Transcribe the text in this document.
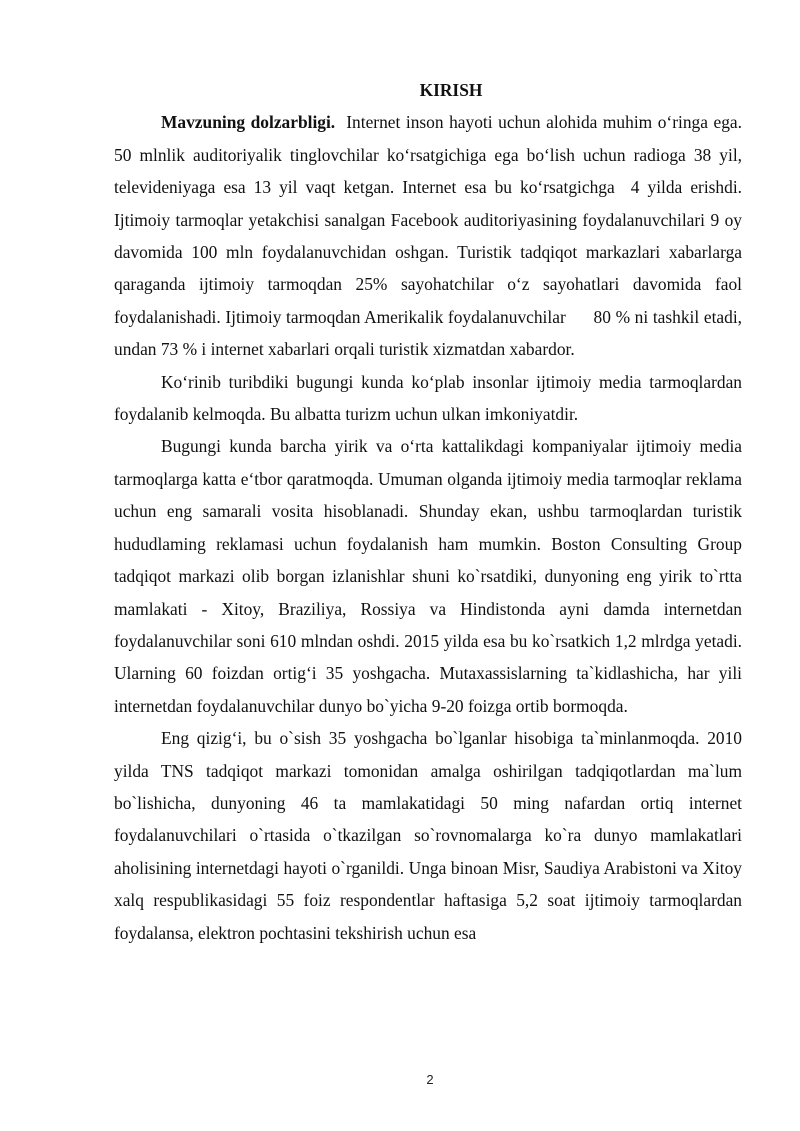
KIRISH

Mavzuning dolzarbligi.  Internet inson hayoti uchun alohida muhim o‘ringa ega. 50 mlnlik auditoriyalik tinglovchilar ko‘rsatgichiga ega bo‘lish uchun radioga 38 yil, televideniyaga esa 13 yil vaqt ketgan. Internet esa bu ko‘rsatgichga  4 yilda erishdi. Ijtimoiy tarmoqlar yetakchisi sanalgan Facebook auditoriyasining foydalanuvchilari 9 oy davomida 100 mln foydalanuvchidan oshgan. Turistik tadqiqot markazlari xabarlarga qaraganda ijtimoiy tarmoqdan 25% sayohatchilar o‘z sayohatlari davomida faol foydalanishadi. Ijtimoiy tarmoqdan Amerikalik foydalanuvchilar      80 % ni tashkil etadi, undan 73 % i internet xabarlari orqali turistik xizmatdan xabardor.

Ko‘rinib turibdiki bugungi kunda ko‘plab insonlar ijtimoiy media tarmoqlardan foydalanib kelmoqda. Bu albatta turizm uchun ulkan imkoniyatdir.

Bugungi kunda barcha yirik va o‘rta kattalikdagi kompaniyalar ijtimoiy media tarmoqlarga katta e‘tbor qaratmoqda. Umuman olganda ijtimoiy media tarmoqlar reklama uchun eng samarali vosita hisoblanadi. Shunday ekan, ushbu tarmoqlardan turistik hududlaming reklamasi uchun foydalanish ham mumkin. Boston Consulting Group tadqiqot markazi olib borgan izlanishlar shuni ko`rsatdiki, dunyoning eng yirik to`rtta mamlakati - Xitoy, Braziliya, Rossiya va Hindistonda ayni damda internetdan foydalanuvchilar soni 610 mlndan oshdi. 2015 yilda esa bu ko`rsatkich 1,2 mlrdga yetadi. Ularning 60 foizdan ortig‘i 35 yoshgacha. Mutaxassislarning ta`kidlashicha, har yili internetdan foydalanuvchilar dunyo bo`yicha 9-20 foizga ortib bormoqda.

Eng qizig‘i, bu o`sish 35 yoshgacha bo`lganlar hisobiga ta`minlanmoqda. 2010 yilda TNS tadqiqot markazi tomonidan amalga oshirilgan tadqiqotlardan ma`lum bo`lishicha, dunyoning 46 ta mamlakatidagi 50 ming nafardan ortiq internet foydalanuvchilari o`rtasida o`tkazilgan so`rovnomalarga ko`ra dunyo mamlakatlari aholisining internetdagi hayoti o`rganildi. Unga binoan Misr, Saudiya Arabistoni va Xitoy xalq respublikasidagi 55 foiz respondentlar haftasiga 5,2 soat ijtimoiy tarmoqlardan foydalansa, elektron pochtasini tekshirish uchun esa

2
